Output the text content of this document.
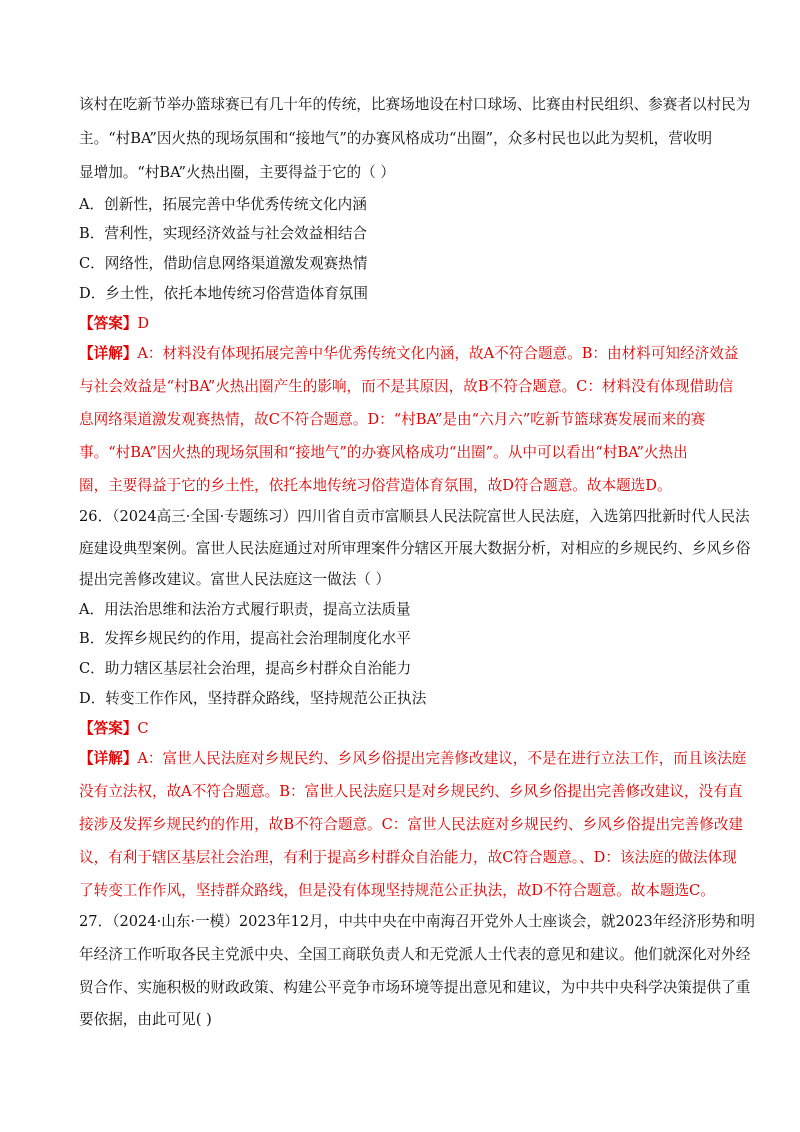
该村在吃新节举办篮球赛已有几十年的传统，比赛场地设在村口球场、比赛由村民组织、参赛者以村民为
主。“村BA”因火热的现场氛围和“接地气”的办赛风格成功“出圈”，众多村民也以此为契机，营收明
显增加。“村BA”火热出圈，主要得益于它的（ ）
A．创新性，拓展完善中华优秀传统文化内涵
B．营利性，实现经济效益与社会效益相结合
C．网络性，借助信息网络渠道激发观赛热情
D．乡土性，依托本地传统习俗营造体育氛围
【答案】D
【详解】A：材料没有体现拓展完善中华优秀传统文化内涵，故A不符合题意。B：由材料可知经济效益
与社会效益是“村BA”火热出圈产生的影响，而不是其原因，故B不符合题意。C：材料没有体现借助信
息网络渠道激发观赛热情，故C不符合题意。D：“村BA”是由“六月六”吃新节篮球赛发展而来的赛
事。“村BA”因火热的现场氛围和“接地气”的办赛风格成功“出圈”。从中可以看出“村BA”火热出
圈，主要得益于它的乡土性，依托本地传统习俗营造体育氛围，故D符合题意。故本题选D。
26．（2024高三·全国·专题练习）四川省自贡市富顺县人民法院富世人民法庭，入选第四批新时代人民法
庭建设典型案例。富世人民法庭通过对所审理案件分辖区开展大数据分析，对相应的乡规民约、乡风乡俗
提出完善修改建议。富世人民法庭这一做法（ ）
A．用法治思维和法治方式履行职责，提高立法质量
B．发挥乡规民约的作用，提高社会治理制度化水平
C．助力辖区基层社会治理，提高乡村群众自治能力
D．转变工作作风，坚持群众路线，坚持规范公正执法
【答案】C
【详解】A：富世人民法庭对乡规民约、乡风乡俗提出完善修改建议，不是在进行立法工作，而且该法庭
没有立法权，故A不符合题意。B：富世人民法庭只是对乡规民约、乡风乡俗提出完善修改建议，没有直
接涉及发挥乡规民约的作用，故B不符合题意。C：富世人民法庭对乡规民约、乡风乡俗提出完善修改建
议，有利于辖区基层社会治理，有利于提高乡村群众自治能力，故C符合题意。、D：该法庭的做法体现
了转变工作作风，坚持群众路线，但是没有体现坚持规范公正执法，故D不符合题意。故本题选C。
27．（2024·山东·一模）2023年12月，中共中央在中南海召开党外人士座谈会，就2023年经济形势和明
年经济工作听取各民主党派中央、全国工商联负责人和无党派人士代表的意见和建议。他们就深化对外经
贸合作、实施积极的财政政策、构建公平竞争市场环境等提出意见和建议，为中共中央科学决策提供了重
要依据，由此可见( )
